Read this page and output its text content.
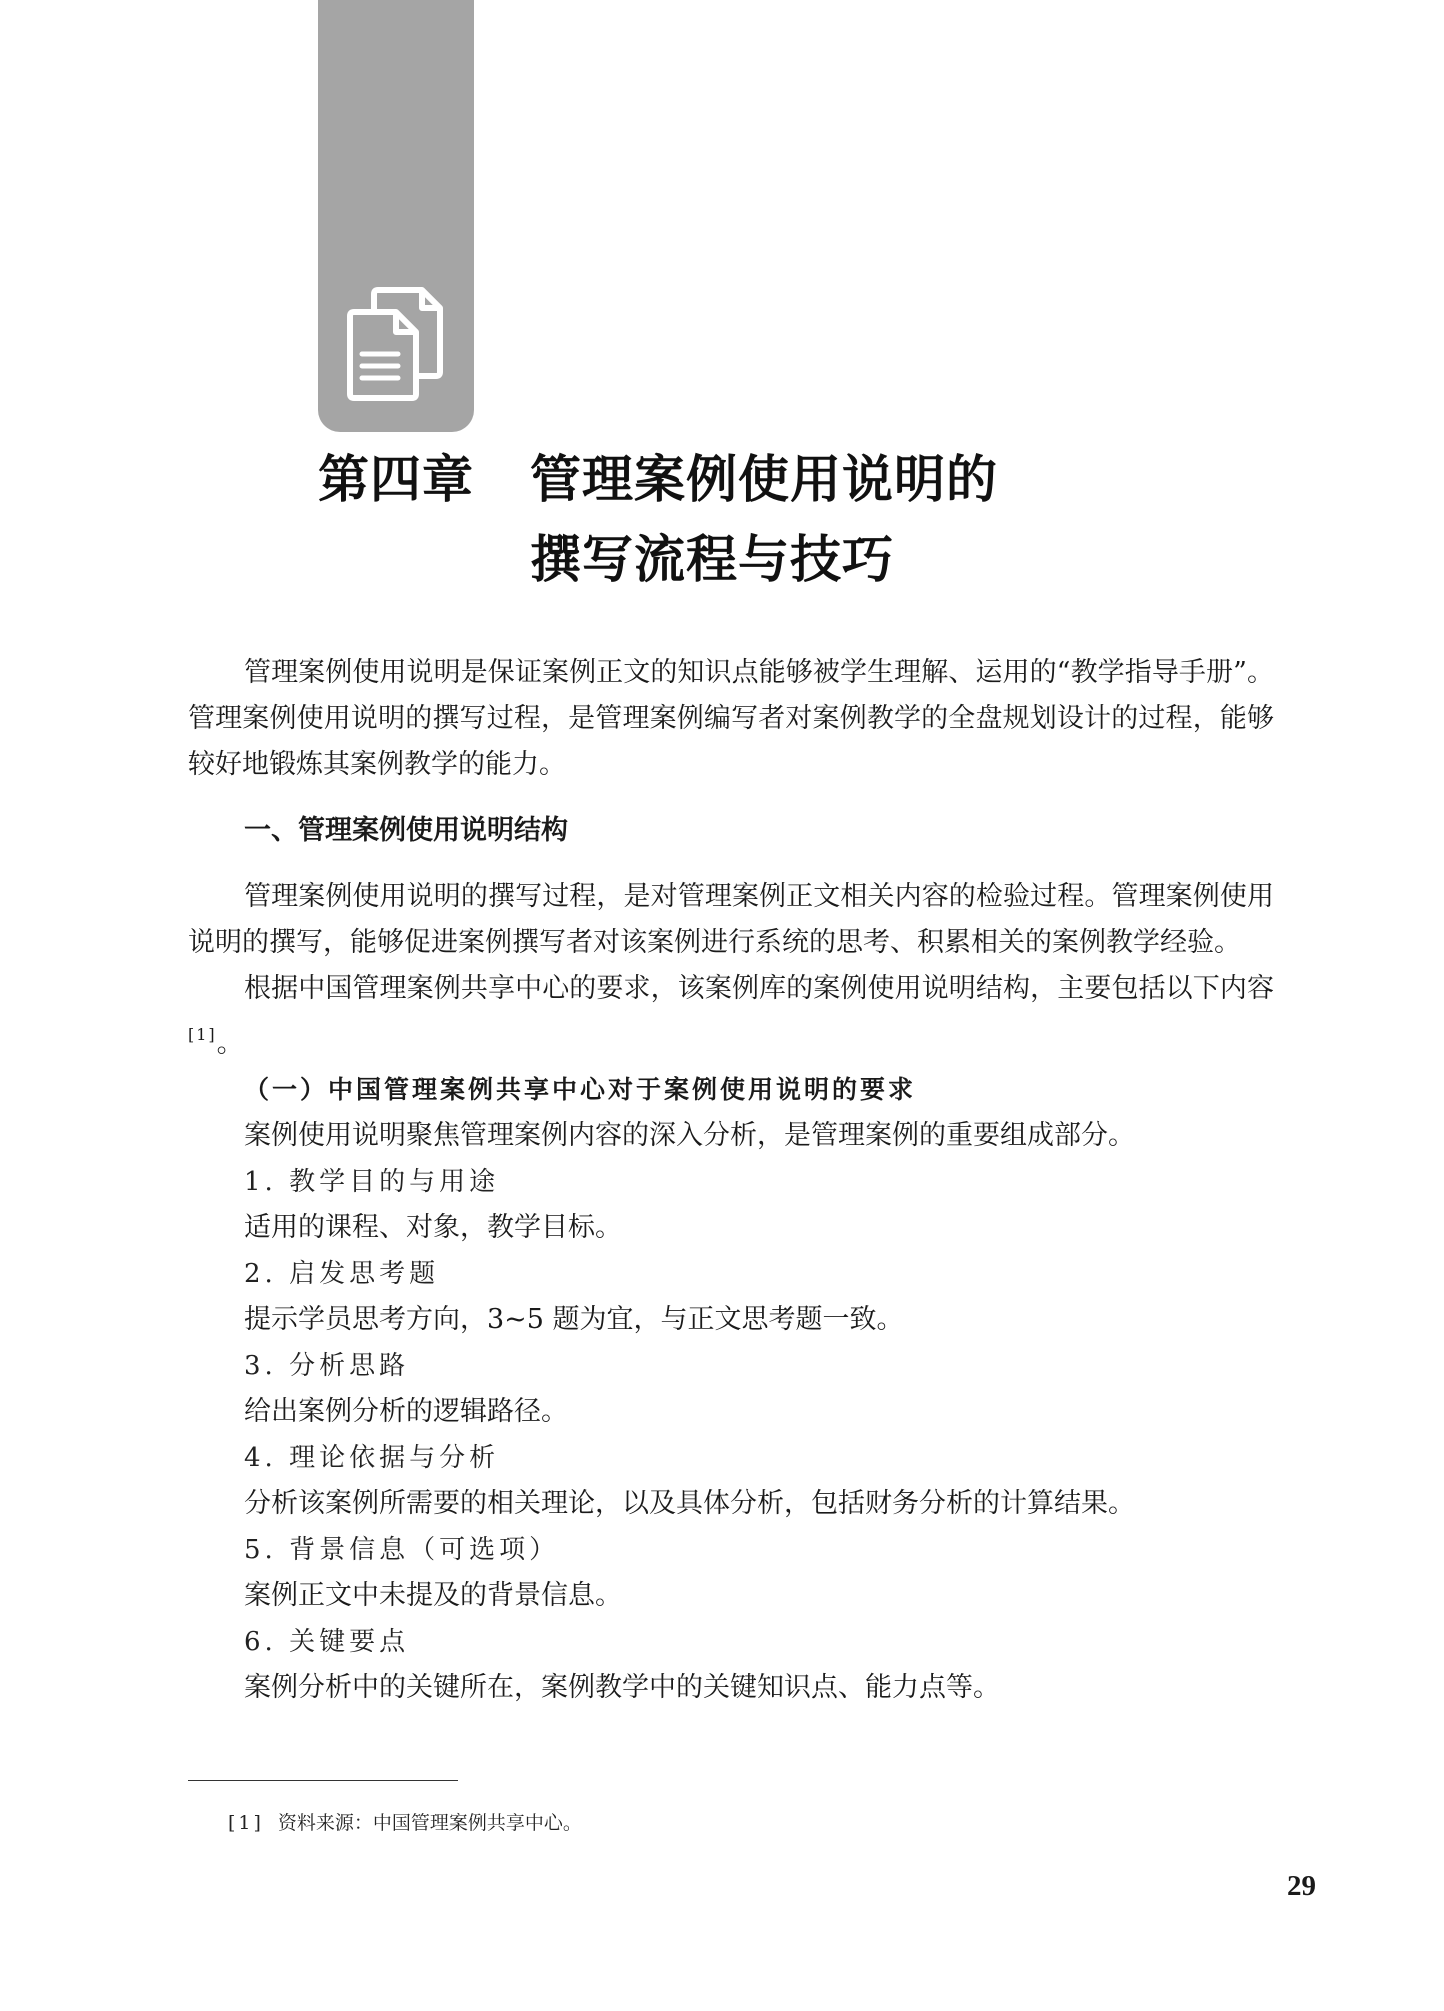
第四章 管理案例使用说明的
撰写流程与技巧

管理案例使用说明是保证案例正文的知识点能够被学生理解、运用的“教学指导手册”。管理案例使用说明的撰写过程，是管理案例编写者对案例教学的全盘规划设计的过程，能够较好地锻炼其案例教学的能力。

一、管理案例使用说明结构

管理案例使用说明的撰写过程，是对管理案例正文相关内容的检验过程。管理案例使用说明的撰写，能够促进案例撰写者对该案例进行系统的思考、积累相关的案例教学经验。

根据中国管理案例共享中心的要求，该案例库的案例使用说明结构，主要包括以下内容[1]。

（一）中国管理案例共享中心对于案例使用说明的要求
案例使用说明聚焦管理案例内容的深入分析，是管理案例的重要组成部分。
1. 教学目的与用途
适用的课程、对象，教学目标。
2. 启发思考题
提示学员思考方向，3~5 题为宜，与正文思考题一致。
3. 分析思路
给出案例分析的逻辑路径。
4. 理论依据与分析
分析该案例所需要的相关理论，以及具体分析，包括财务分析的计算结果。
5. 背景信息（可选项）
案例正文中未提及的背景信息。
6. 关键要点
案例分析中的关键所在，案例教学中的关键知识点、能力点等。
[1] 资料来源：中国管理案例共享中心。
29
